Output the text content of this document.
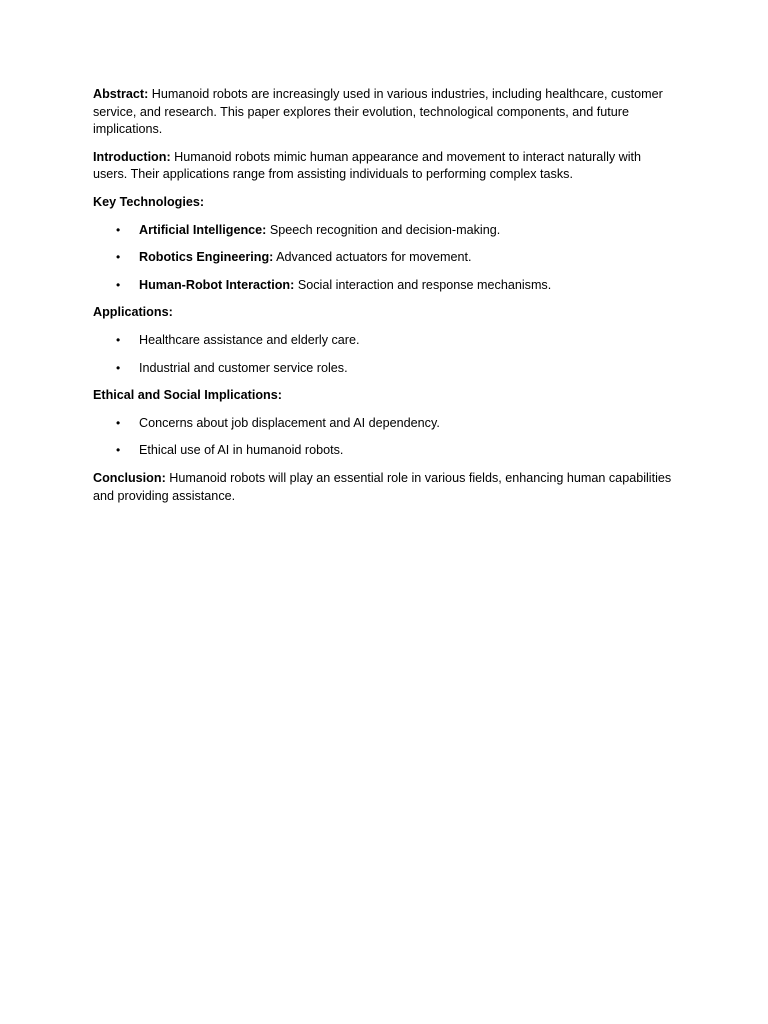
Abstract: Humanoid robots are increasingly used in various industries, including healthcare, customer service, and research. This paper explores their evolution, technological components, and future implications.

Introduction: Humanoid robots mimic human appearance and movement to interact naturally with users. Their applications range from assisting individuals to performing complex tasks.

Key Technologies:

• Artificial Intelligence: Speech recognition and decision-making.
• Robotics Engineering: Advanced actuators for movement.
• Human-Robot Interaction: Social interaction and response mechanisms.

Applications:

• Healthcare assistance and elderly care.
• Industrial and customer service roles.

Ethical and Social Implications:

• Concerns about job displacement and AI dependency.
• Ethical use of AI in humanoid robots.

Conclusion: Humanoid robots will play an essential role in various fields, enhancing human capabilities and providing assistance.
